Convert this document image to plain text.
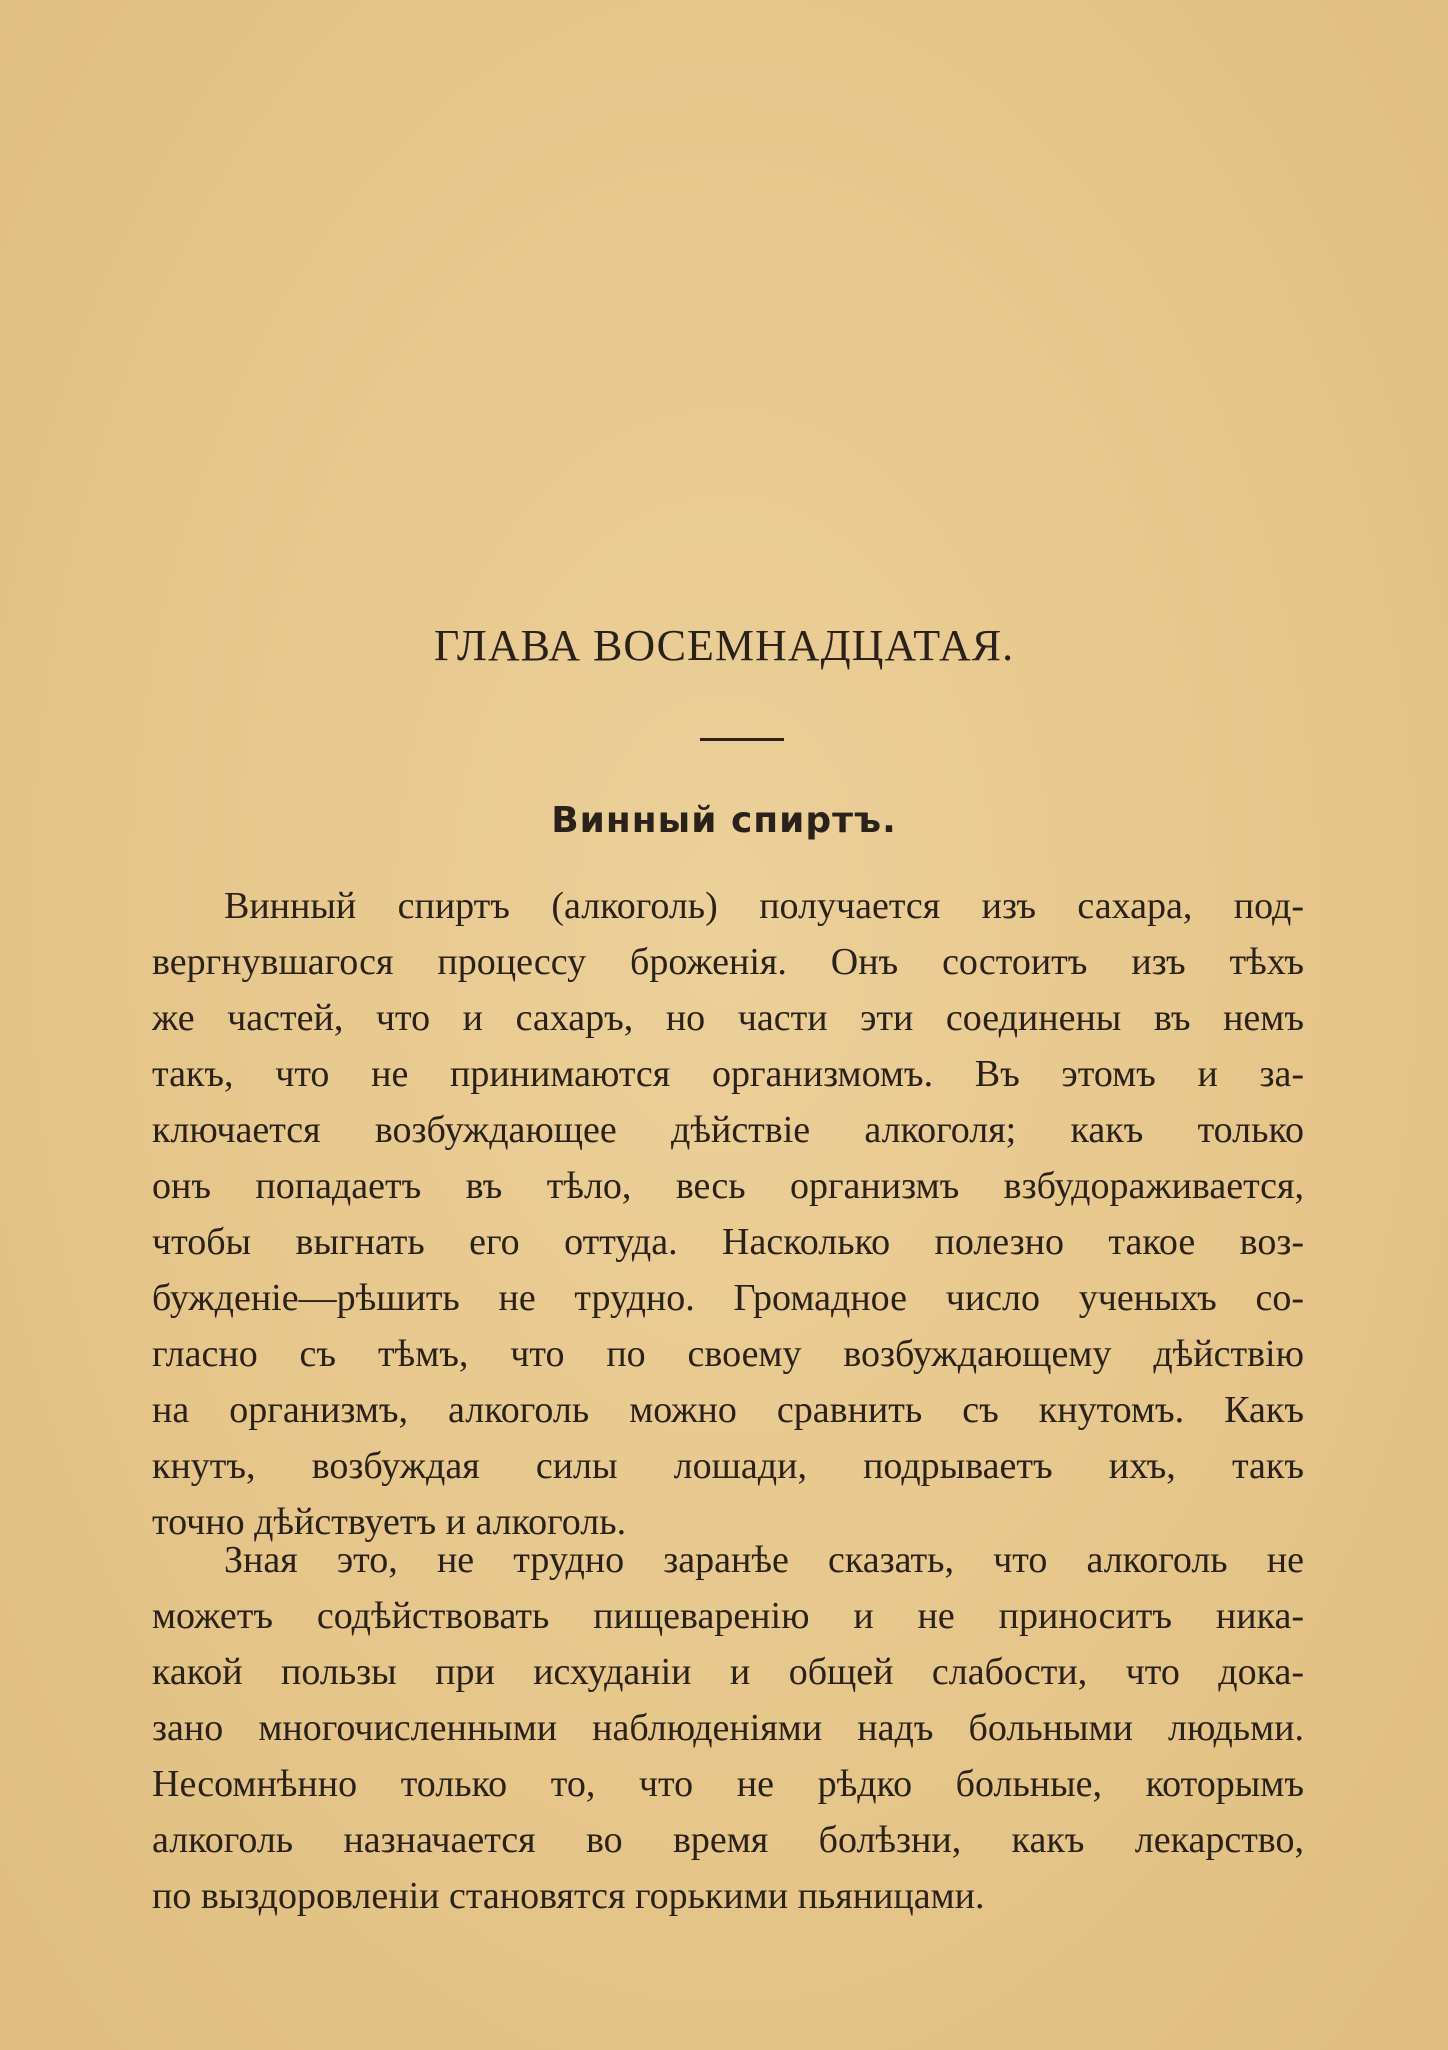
ГЛАВА ВОСЕМНАДЦАТАЯ.
Винный спиртъ.
Винный спиртъ (алкоголь) получается изъ сахара, под-
вергнувшагося процессу броженія. Онъ состоитъ изъ тѣхъ
же частей, что и сахаръ, но части эти соединены въ немъ
такъ, что не принимаются организмомъ. Въ этомъ и за-
ключается возбуждающее дѣйствіе алкоголя; какъ только
онъ попадаетъ въ тѣло, весь организмъ взбудораживается,
чтобы выгнать его оттуда. Насколько полезно такое воз-
бужденіе—рѣшить не трудно. Громадное число ученыхъ со-
гласно съ тѣмъ, что по своему возбуждающему дѣйствію
на организмъ, алкоголь можно сравнить съ кнутомъ. Какъ
кнутъ, возбуждая силы лошади, подрываетъ ихъ, такъ
точно дѣйствуетъ и алкоголь.
Зная это, не трудно заранѣе сказать, что алкоголь не
можетъ содѣйствовать пищеваренію и не приноситъ ника-
какой пользы при исхуданіи и общей слабости, что дока-
зано многочисленными наблюденіями надъ больными людьми.
Несомнѣнно только то, что не рѣдко больные, которымъ
алкоголь назначается во время болѣзни, какъ лекарство,
по выздоровленіи становятся горькими пьяницами.
